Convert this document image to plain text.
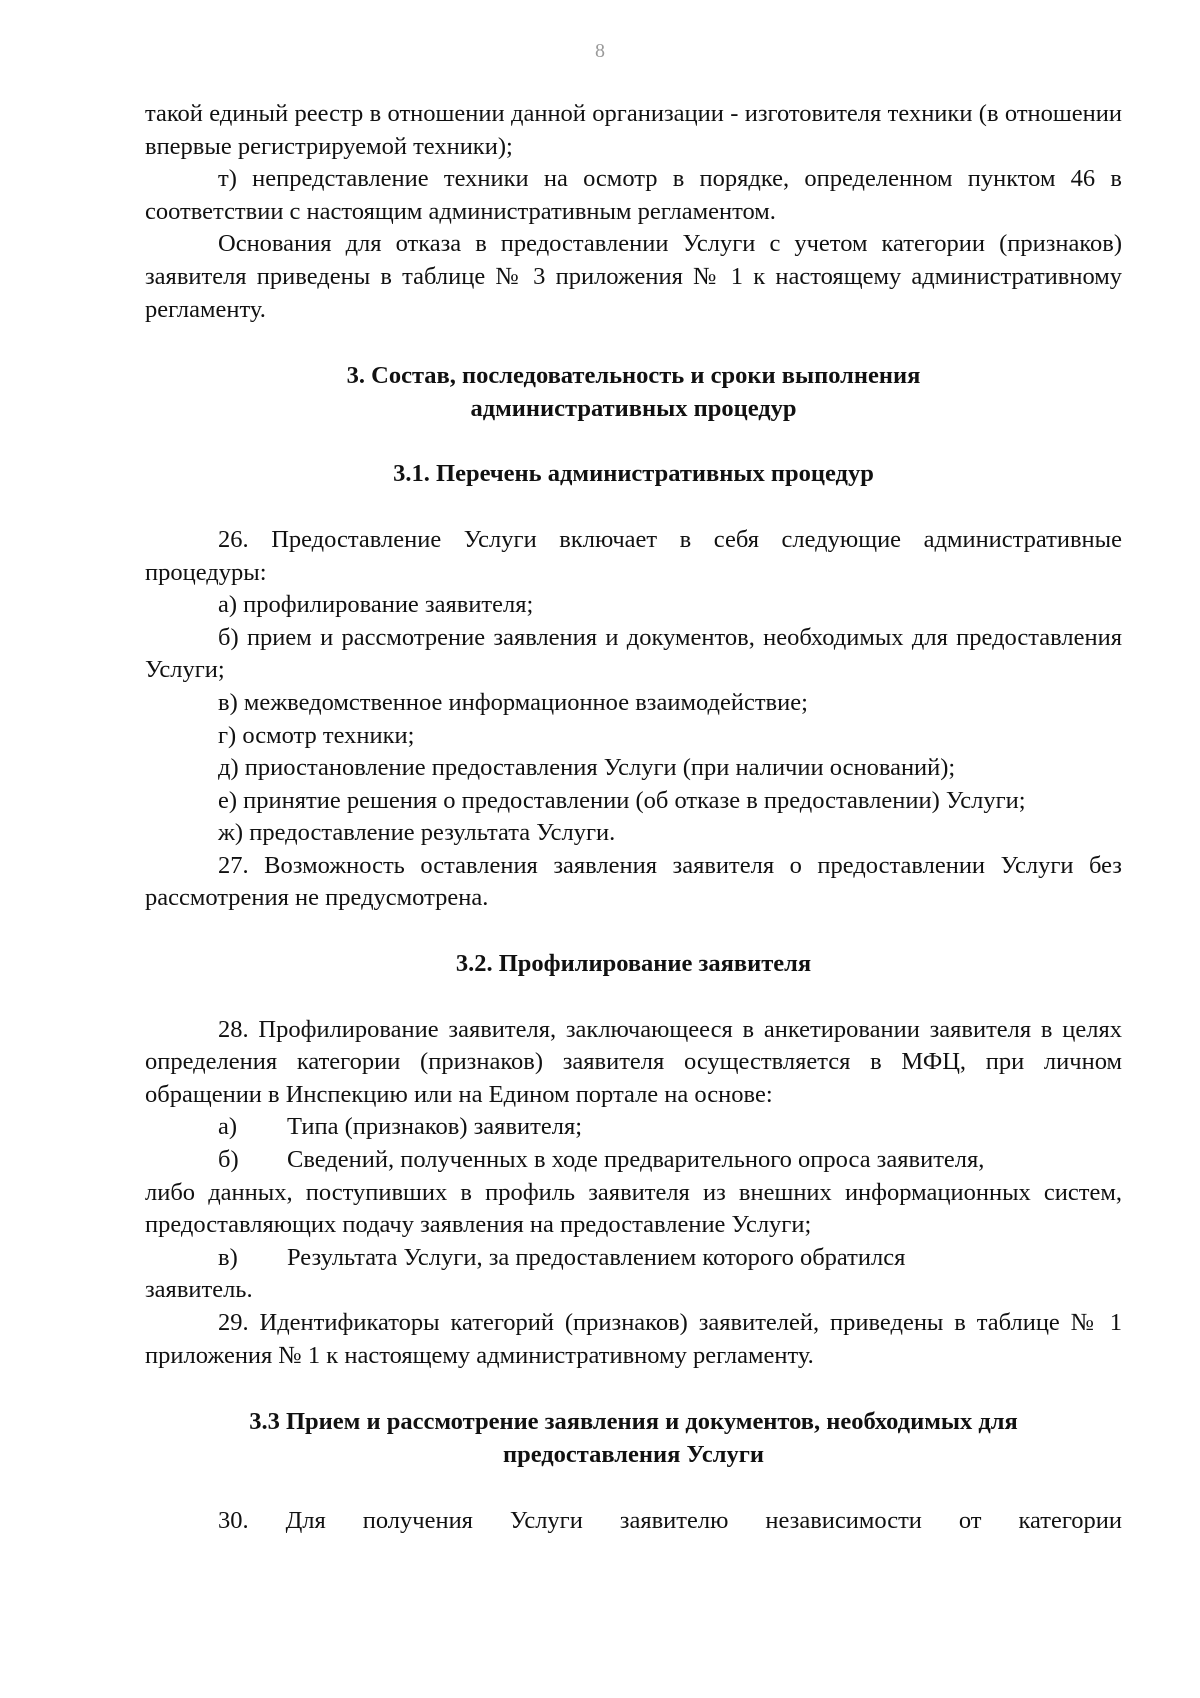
8

такой единый реестр в отношении данной организации - изготовителя техники (в отношении впервые регистрируемой техники);

т) непредставление техники на осмотр в порядке, определенном пунктом 46 в соответствии с настоящим административным регламентом.

Основания для отказа в предоставлении Услуги с учетом категории (признаков) заявителя приведены в таблице № 3 приложения № 1 к настоящему административному регламенту.

3. Состав, последовательность и сроки выполнения
административных процедур
3.1. Перечень административных процедур

26. Предоставление Услуги включает в себя следующие административные процедуры:

а) профилирование заявителя;

б) прием и рассмотрение заявления и документов, необходимых для предоставления Услуги;

в) межведомственное информационное взаимодействие;

г) осмотр техники;

д) приостановление предоставления Услуги (при наличии оснований);

е) принятие решения о предоставлении (об отказе в предоставлении) Услуги;

ж) предоставление результата Услуги.

27. Возможность оставления заявления заявителя о предоставлении Услуги без рассмотрения не предусмотрена.

3.2. Профилирование заявителя

28. Профилирование заявителя, заключающееся в анкетировании заявителя в целях определения категории (признаков) заявителя осуществляется в МФЦ, при личном обращении в Инспекцию или на Едином портале на основе:

а)	Типа (признаков) заявителя;
б)	Сведений, полученных в ходе предварительного опроса заявителя,

либо данных, поступивших в профиль заявителя из внешних информационных систем, предоставляющих подачу заявления на предоставление Услуги;

в)	Результата Услуги, за предоставлением которого обратился

заявитель.

29. Идентификаторы категорий (признаков) заявителей, приведены в таблице № 1 приложения № 1 к настоящему административному регламенту.

3.3 Прием и рассмотрение заявления и документов, необходимых для
предоставления Услуги

30. Для получения Услуги заявителю независимости от категории
